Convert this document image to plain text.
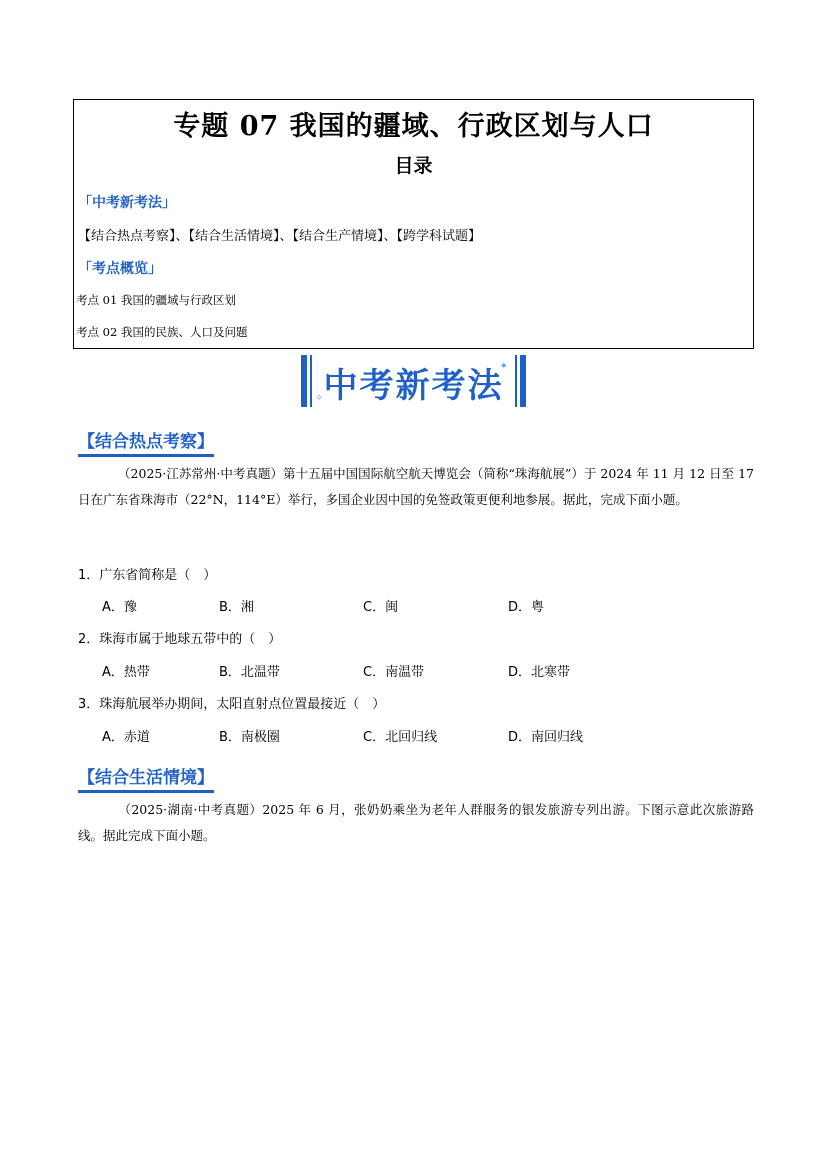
专题 07 我国的疆域、行政区划与人口
目录
「中考新考法」
【结合热点考察】、【结合生活情境】、【结合生产情境】、【跨学科试题】
「考点概览」
考点 01 我国的疆域与行政区划
考点 02 我国的民族、人口及问题
中考新考法
✦
✧
【结合热点考察】
（2025·江苏常州·中考真题）第十五届中国国际航空航天博览会（简称“珠海航展”）于 2024 年 11 月 12 日至 17 日在广东省珠海市（22°N，114°E）举行，多国企业因中国的免签政策更便利地参展。据此，完成下面小题。
1．广东省简称是（　）
A．豫	B．湘	C．闽	D．粤
2．珠海市属于地球五带中的（　）
A．热带	B．北温带	C．南温带	D．北寒带
3．珠海航展举办期间，太阳直射点位置最接近（　）
A．赤道	B．南极圈	C．北回归线	D．南回归线
【结合生活情境】
（2025·湖南·中考真题）2025 年 6 月，张奶奶乘坐为老年人群服务的银发旅游专列出游。下图示意此次旅游路线。据此完成下面小题。
